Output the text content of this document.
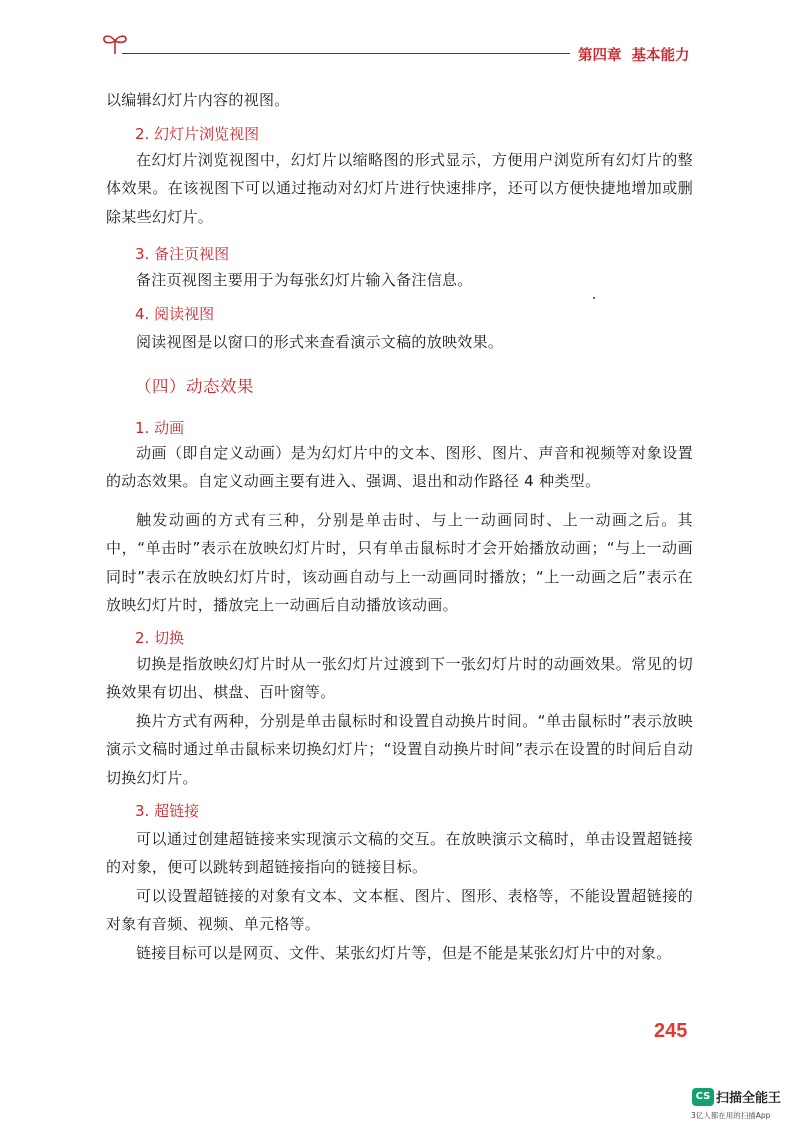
第四章 基本能力

以编辑幻灯片内容的视图。

2. 幻灯片浏览视图

在幻灯片浏览视图中，幻灯片以缩略图的形式显示，方便用户浏览所有幻灯片的整体效果。在该视图下可以通过拖动对幻灯片进行快速排序，还可以方便快捷地增加或删除某些幻灯片。

3. 备注页视图

备注页视图主要用于为每张幻灯片输入备注信息。

4. 阅读视图

阅读视图是以窗口的形式来查看演示文稿的放映效果。

（四）动态效果
1. 动画

动画（即自定义动画）是为幻灯片中的文本、图形、图片、声音和视频等对象设置的动态效果。自定义动画主要有进入、强调、退出和动作路径 4 种类型。

触发动画的方式有三种，分别是单击时、与上一动画同时、上一动画之后。其中，“单击时”表示在放映幻灯片时，只有单击鼠标时才会开始播放动画；“与上一动画同时”表示在放映幻灯片时，该动画自动与上一动画同时播放；“上一动画之后”表示在放映幻灯片时，播放完上一动画后自动播放该动画。

2. 切换

切换是指放映幻灯片时从一张幻灯片过渡到下一张幻灯片时的动画效果。常见的切换效果有切出、棋盘、百叶窗等。

换片方式有两种，分别是单击鼠标时和设置自动换片时间。“单击鼠标时”表示放映演示文稿时通过单击鼠标来切换幻灯片；“设置自动换片时间”表示在设置的时间后自动切换幻灯片。

3. 超链接

可以通过创建超链接来实现演示文稿的交互。在放映演示文稿时，单击设置超链接的对象，便可以跳转到超链接指向的链接目标。

可以设置超链接的对象有文本、文本框、图片、图形、表格等，不能设置超链接的对象有音频、视频、单元格等。

链接目标可以是网页、文件、某张幻灯片等，但是不能是某张幻灯片中的对象。

245
CS 扫描全能王
3亿人都在用的扫描App
